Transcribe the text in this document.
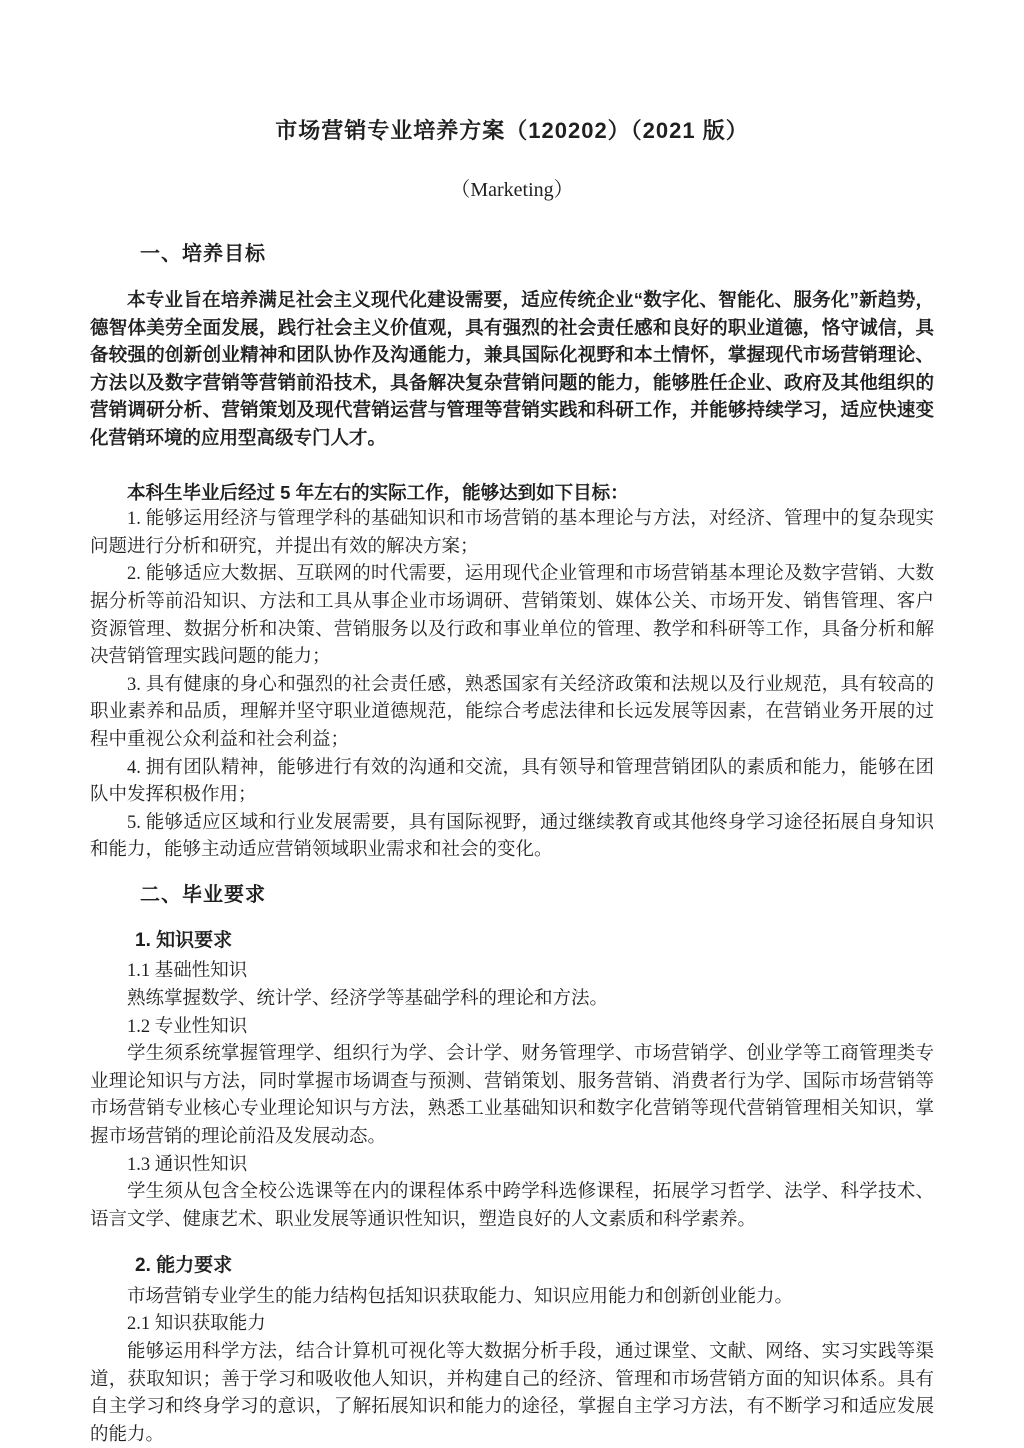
市场营销专业培养方案（120202）（2021 版）
（Marketing）
一、培养目标

本专业旨在培养满足社会主义现代化建设需要，适应传统企业“数字化、智能化、服务化”新趋势，德智体美劳全面发展，践行社会主义价值观，具有强烈的社会责任感和良好的职业道德，恪守诚信，具备较强的创新创业精神和团队协作及沟通能力，兼具国际化视野和本土情怀，掌握现代市场营销理论、方法以及数字营销等营销前沿技术，具备解决复杂营销问题的能力，能够胜任企业、政府及其他组织的营销调研分析、营销策划及现代营销运营与管理等营销实践和科研工作，并能够持续学习，适应快速变化营销环境的应用型高级专门人才。

本科生毕业后经过 5 年左右的实际工作，能够达到如下目标：

1. 能够运用经济与管理学科的基础知识和市场营销的基本理论与方法，对经济、管理中的复杂现实问题进行分析和研究，并提出有效的解决方案；

2. 能够适应大数据、互联网的时代需要，运用现代企业管理和市场营销基本理论及数字营销、大数据分析等前沿知识、方法和工具从事企业市场调研、营销策划、媒体公关、市场开发、销售管理、客户资源管理、数据分析和决策、营销服务以及行政和事业单位的管理、教学和科研等工作，具备分析和解决营销管理实践问题的能力；

3. 具有健康的身心和强烈的社会责任感，熟悉国家有关经济政策和法规以及行业规范，具有较高的职业素养和品质，理解并坚守职业道德规范，能综合考虑法律和长远发展等因素，在营销业务开展的过程中重视公众利益和社会利益；

4. 拥有团队精神，能够进行有效的沟通和交流，具有领导和管理营销团队的素质和能力，能够在团队中发挥积极作用；

5. 能够适应区域和行业发展需要，具有国际视野，通过继续教育或其他终身学习途径拓展自身知识和能力，能够主动适应营销领域职业需求和社会的变化。

二、毕业要求
1. 知识要求

1.1 基础性知识

熟练掌握数学、统计学、经济学等基础学科的理论和方法。

1.2 专业性知识

学生须系统掌握管理学、组织行为学、会计学、财务管理学、市场营销学、创业学等工商管理类专业理论知识与方法，同时掌握市场调查与预测、营销策划、服务营销、消费者行为学、国际市场营销等市场营销专业核心专业理论知识与方法，熟悉工业基础知识和数字化营销等现代营销管理相关知识，掌握市场营销的理论前沿及发展动态。

1.3 通识性知识

学生须从包含全校公选课等在内的课程体系中跨学科选修课程，拓展学习哲学、法学、科学技术、语言文学、健康艺术、职业发展等通识性知识，塑造良好的人文素质和科学素养。

2. 能力要求

市场营销专业学生的能力结构包括知识获取能力、知识应用能力和创新创业能力。

2.1 知识获取能力

能够运用科学方法，结合计算机可视化等大数据分析手段，通过课堂、文献、网络、实习实践等渠道，获取知识；善于学习和吸收他人知识，并构建自己的经济、管理和市场营销方面的知识体系。具有自主学习和终身学习的意识，了解拓展知识和能力的途径，掌握自主学习方法，有不断学习和适应发展的能力。
